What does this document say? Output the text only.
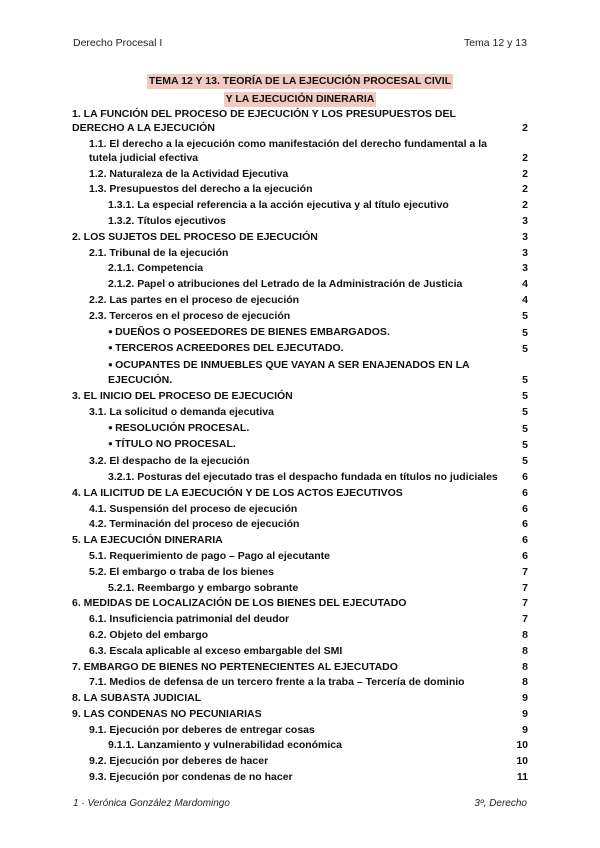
Derecho Procesal I	Tema 12 y 13
TEMA 12 Y 13. TEORÍA DE LA EJECUCIÓN PROCESAL CIVIL
Y LA EJECUCIÓN DINERARIA
1. LA FUNCIÓN DEL PROCESO DE EJECUCIÓN Y LOS PRESUPUESTOS DEL DERECHO A LA EJECUCIÓN	2
1.1. El derecho a la ejecución como manifestación del derecho fundamental a la tutela judicial efectiva	2
1.2. Naturaleza de la Actividad Ejecutiva	2
1.3. Presupuestos del derecho a la ejecución	2
1.3.1. La especial referencia a la acción ejecutiva y al título ejecutivo	2
1.3.2. Títulos ejecutivos	3
2. LOS SUJETOS DEL PROCESO DE EJECUCIÓN	3
2.1. Tribunal de la ejecución	3
2.1.1. Competencia	3
2.1.2. Papel o atribuciones del Letrado de la Administración de Justicia	4
2.2. Las partes en el proceso de ejecución	4
2.3. Terceros en el proceso de ejecución	5
● DUEÑOS O POSEEDORES DE BIENES EMBARGADOS.	5
● TERCEROS ACREEDORES DEL EJECUTADO.	5
● OCUPANTES DE INMUEBLES QUE VAYAN A SER ENAJENADOS EN LA EJECUCIÓN.	5
3. EL INICIO DEL PROCESO DE EJECUCIÓN	5
3.1. La solicitud o demanda ejecutiva	5
● RESOLUCIÓN PROCESAL.	5
● TÍTULO NO PROCESAL.	5
3.2. El despacho de la ejecución	5
3.2.1. Posturas del ejecutado tras el despacho fundada en títulos no judiciales	6
4. LA ILICITUD DE LA EJECUCIÓN Y DE LOS ACTOS EJECUTIVOS	6
4.1. Suspensión del proceso de ejecución	6
4.2. Terminación del proceso de ejecución	6
5. LA EJECUCIÓN DINERARIA	6
5.1. Requerimiento de pago – Pago al ejecutante	6
5.2. El embargo o traba de los bienes	7
5.2.1. Reembargo y embargo sobrante	7
6. MEDIDAS DE LOCALIZACIÓN DE LOS BIENES DEL EJECUTADO	7
6.1. Insuficiencia patrimonial del deudor	7
6.2. Objeto del embargo	8
6.3. Escala aplicable al exceso embargable del SMI	8
7. EMBARGO DE BIENES NO PERTENECIENTES AL EJECUTADO	8
7.1. Medios de defensa de un tercero frente a la traba – Tercería de dominio	8
8. LA SUBASTA JUDICIAL	9
9. LAS CONDENAS NO PECUNIARIAS	9
9.1. Ejecución por deberes de entregar cosas	9
9.1.1. Lanzamiento y vulnerabilidad económica	10
9.2. Ejecución por deberes de hacer	10
9.3. Ejecución por condenas de no hacer	11
1 · Verónica González Mardomingo	3º, Derecho
